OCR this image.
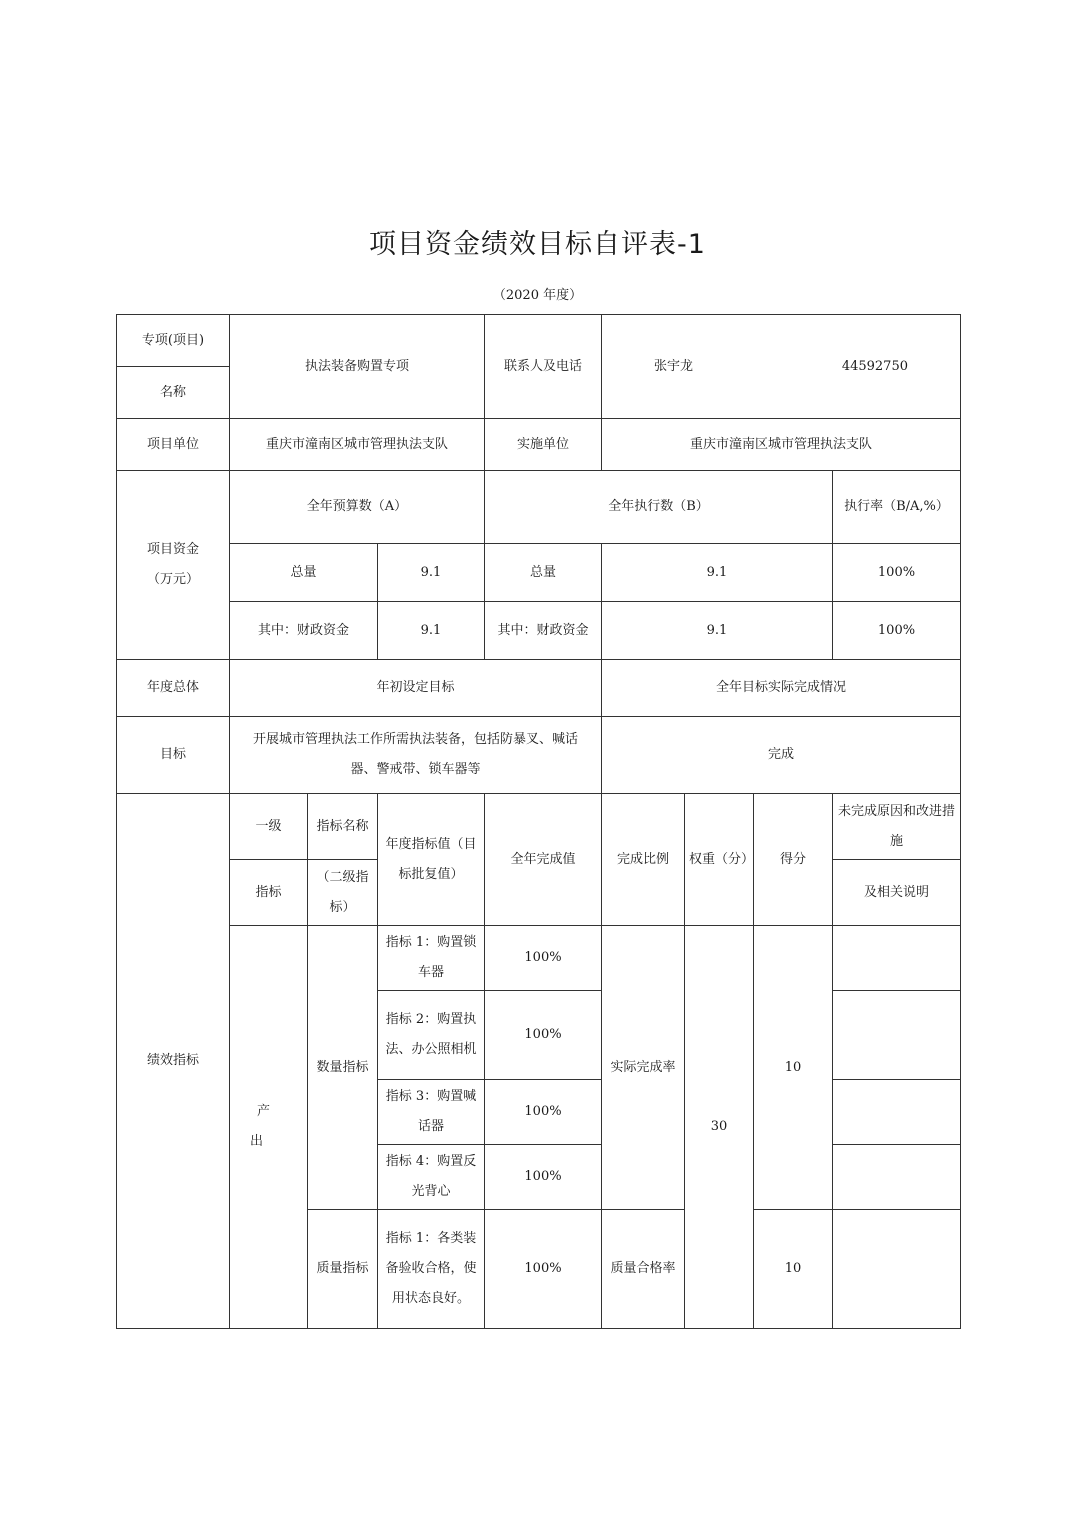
项目资金绩效目标自评表-1
（2020 年度）
专项(项目)	执法装备购置专项			联系人及电话	张宇龙 44592750			

名称								
项目单位	重庆市潼南区城市管理执法支队			实施单位	重庆市潼南区城市管理执法支队			

项目资金
（万元）	全年预算数（A）			全年执行数（B）				执行率（B/A,%）
	总量		9.1	总量	9.1			100%
	其中：财政资金		9.1	其中：财政资金	9.1			100%
年度总体	年初设定目标				全年目标实际完成情况			
目标	开展城市管理执法工作所需执法装备，包括防暴叉、喊话器、警戒带、锁车器等				完成			
绩效指标	一级	指标名称	年度指标值（目标批复值）	全年完成值	完成比例	权重（分）	得分	未完成原因和改进措施
	指标	（二级指标）						及相关说明
	产　出	数量指标	指标 1：购置锁车器	100%	实际完成率	30	10	
			指标 2：购置执法、办公照相机	100%				
			指标 3：购置喊话器	100%				
			指标 4：购置反光背心	100%				
		质量指标	指标 1：各类装备验收合格，使用状态良好。	100%	质量合格率		10	
